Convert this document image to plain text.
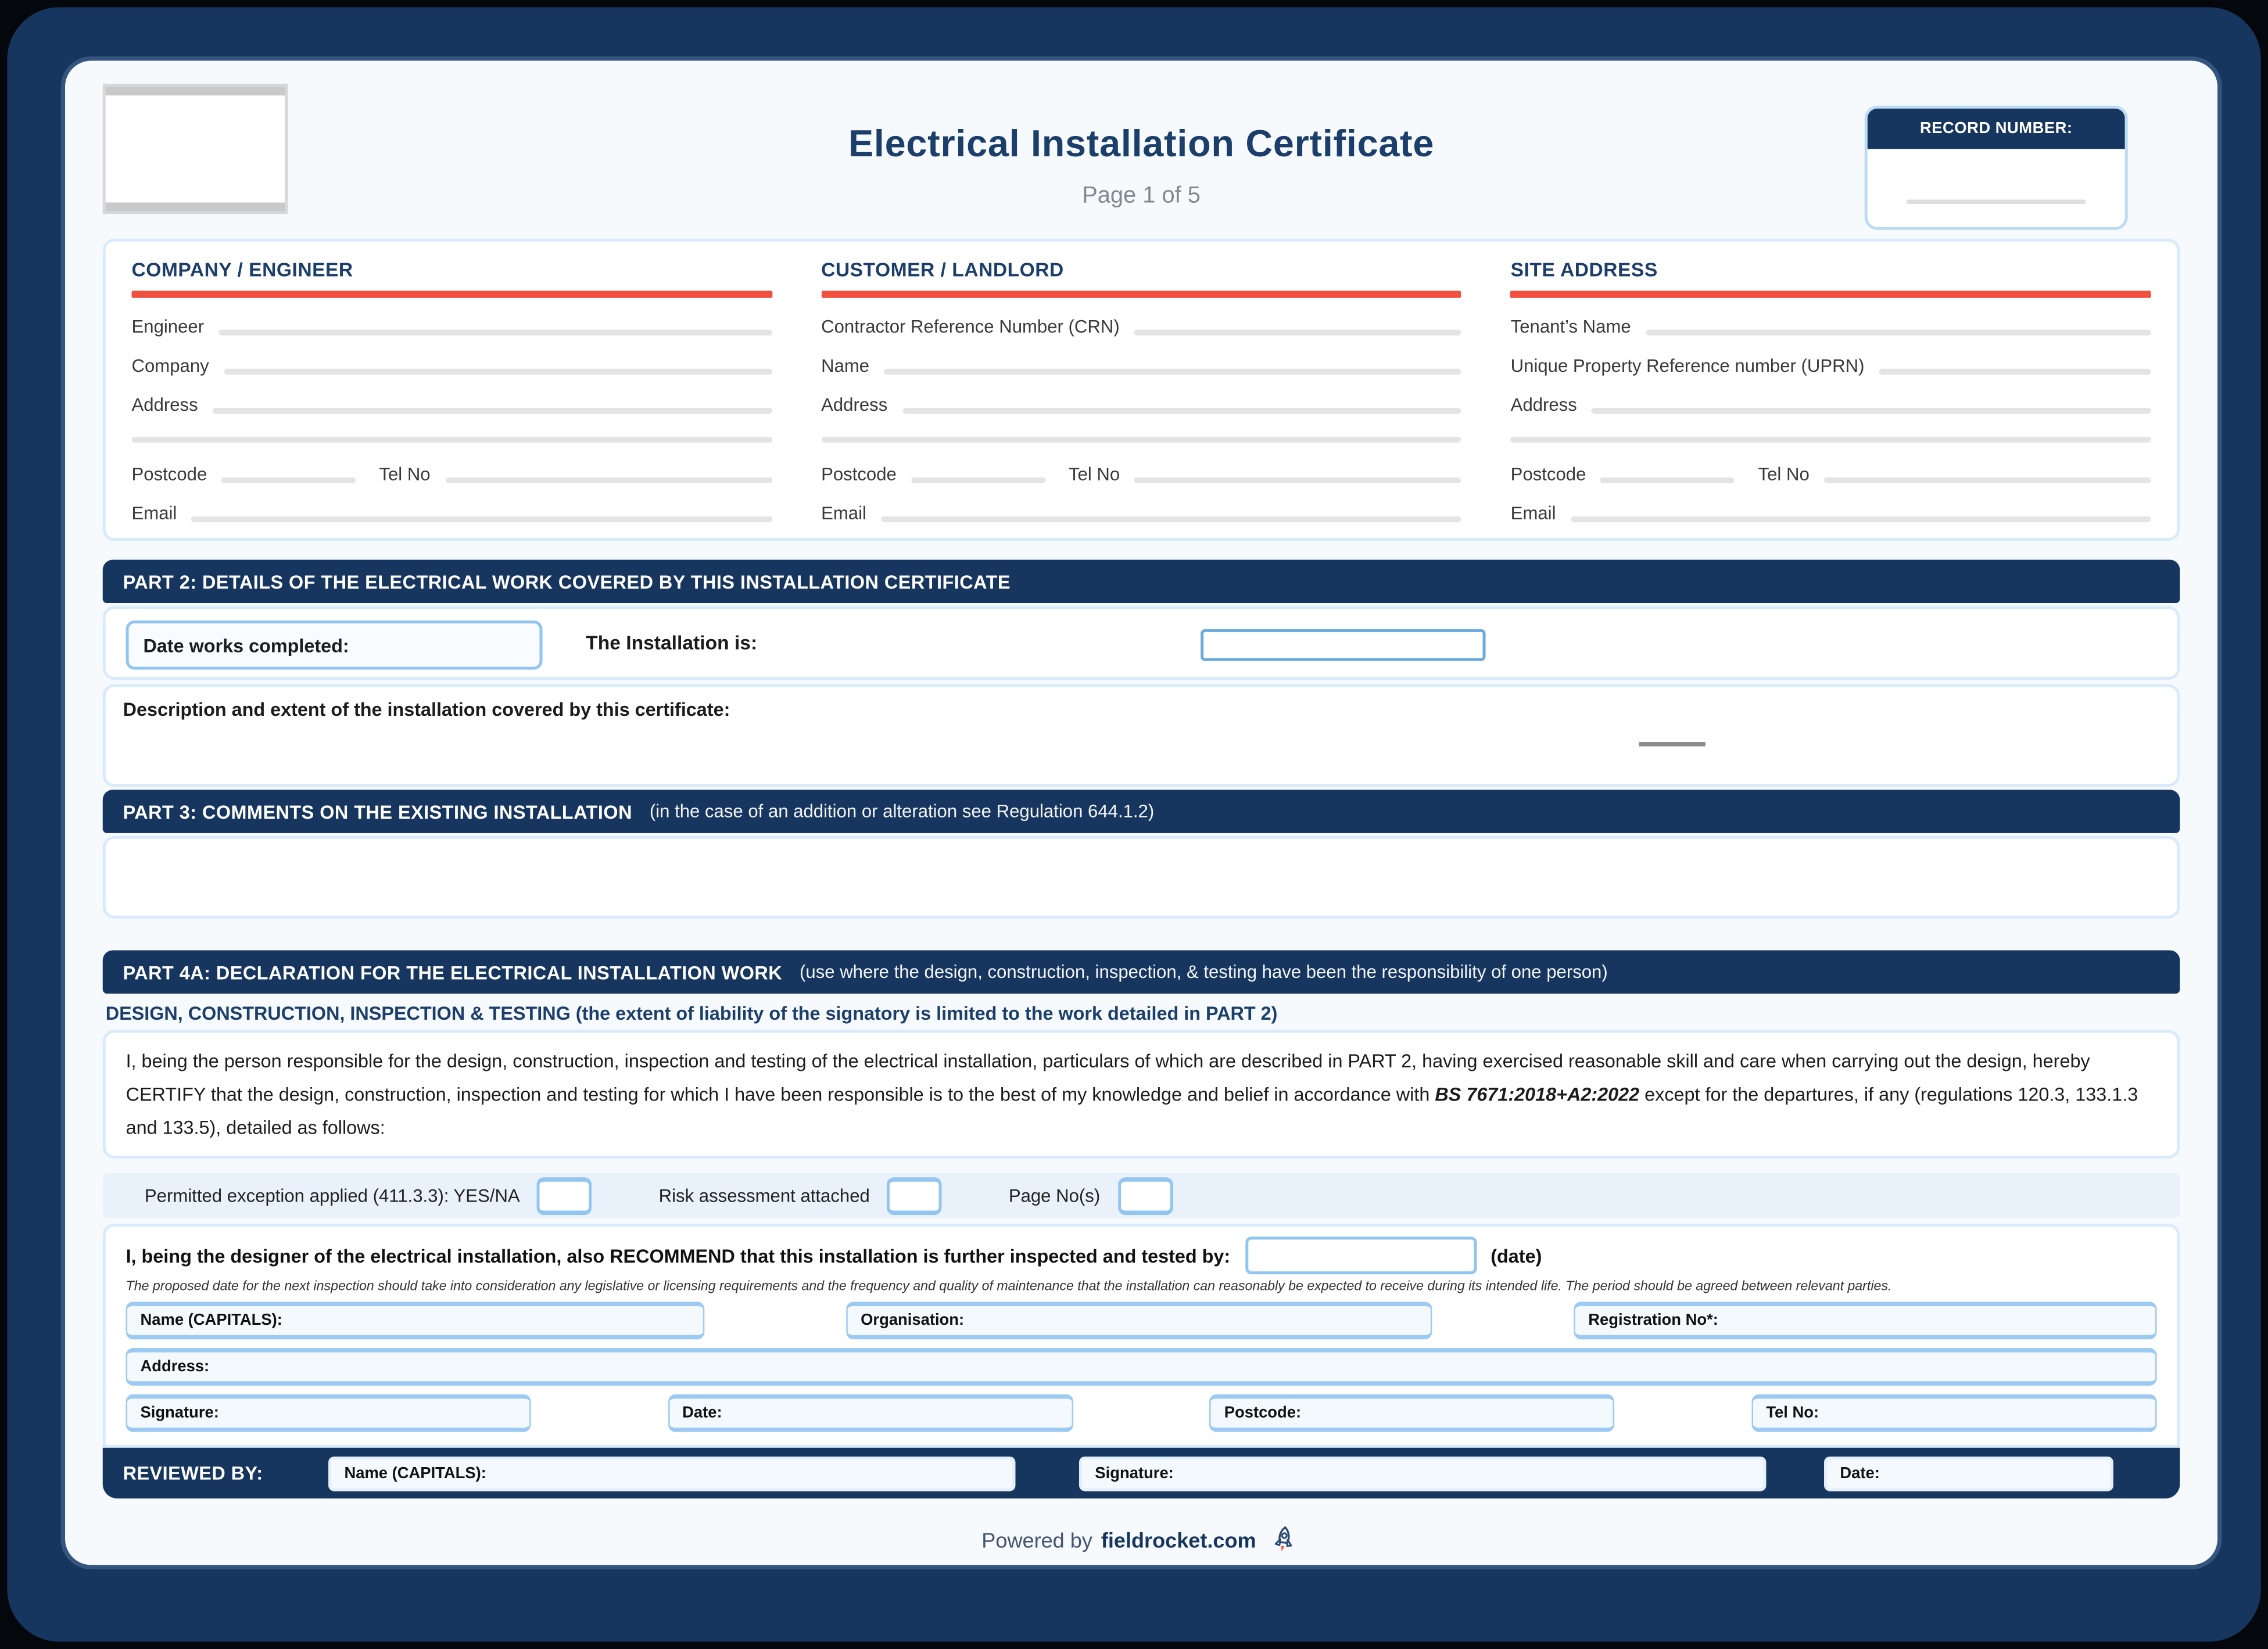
Electrical Installation Certificate
Page 1 of 5
RECORD NUMBER:
COMPANY / ENGINEER
Engineer
Company
Address
Postcode	Tel No
Email
CUSTOMER / LANDLORD
Contractor Reference Number (CRN)
Name
Address
Postcode	Tel No
Email
SITE ADDRESS
Tenant’s Name
Unique Property Reference number (UPRN)
Address
Postcode	Tel No
Email
PART 2: DETAILS OF THE ELECTRICAL WORK COVERED BY THIS INSTALLATION CERTIFICATE
Date works completed:	The Installation is:
Description and extent of the installation covered by this certificate:
PART 3: COMMENTS ON THE EXISTING INSTALLATION (in the case of an addition or alteration see Regulation 644.1.2)
PART 4A: DECLARATION FOR THE ELECTRICAL INSTALLATION WORK (use where the design, construction, inspection, & testing have been the responsibility of one person)
DESIGN, CONSTRUCTION, INSPECTION & TESTING (the extent of liability of the signatory is limited to the work detailed in PART 2)
I, being the person responsible for the design, construction, inspection and testing of the electrical installation, particulars of which are described in PART 2, having exercised reasonable skill and care when carrying out the design, hereby CERTIFY that the design, construction, inspection and testing for which I have been responsible is to the best of my knowledge and belief in accordance with BS 7671:2018+A2:2022 except for the departures, if any (regulations 120.3, 133.1.3 and 133.5), detailed as follows:
Permitted exception applied (411.3.3): YES/NA	Risk assessment attached	Page No(s)
I, being the designer of the electrical installation, also RECOMMEND that this installation is further inspected and tested by:	(date)
The proposed date for the next inspection should take into consideration any legislative or licensing requirements and the frequency and quality of maintenance that the installation can reasonably be expected to receive during its intended life. The period should be agreed between relevant parties.
Name (CAPITALS):	Organisation:	Registration No*:
Address:
Signature:	Date:	Postcode:	Tel No:
REVIEWED BY:	Name (CAPITALS):	Signature:	Date:
Powered by fieldrocket.com
